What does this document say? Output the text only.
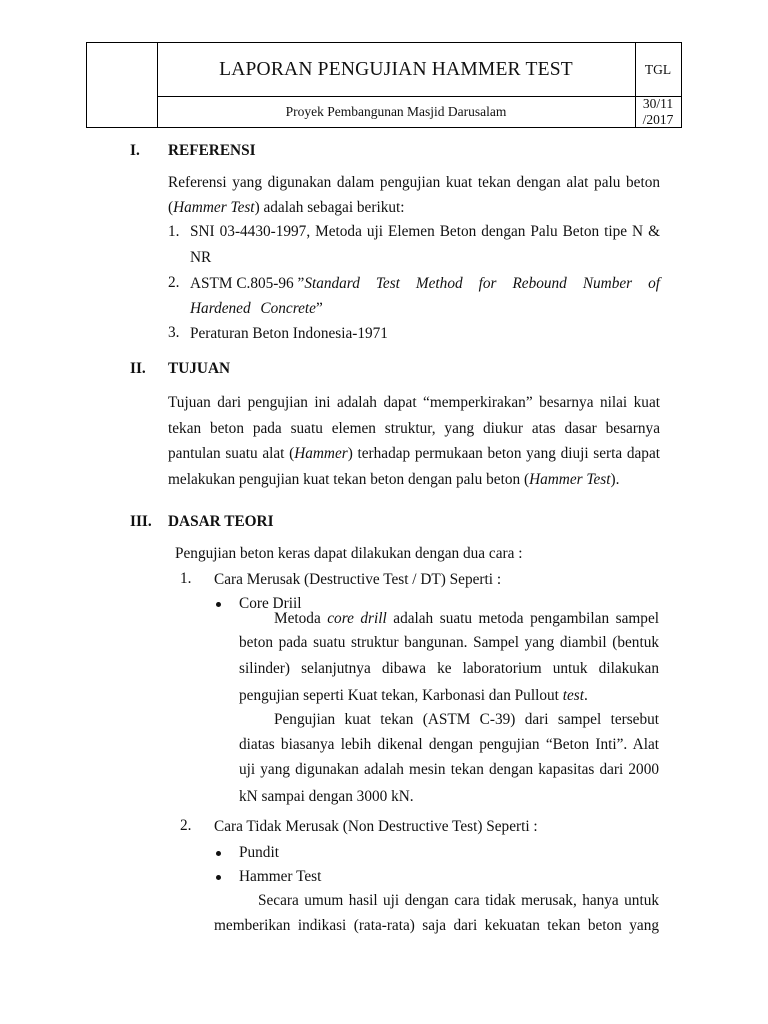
LAPORAN PENGUJIAN HAMMER TEST	TGL
Proyek Pembangunan Masjid Darusalam
30/11
/2017
I. REFERENSI
Referensi yang digunakan dalam pengujian kuat tekan dengan alat palu beton
(Hammer Test) adalah sebagai berikut:
1. SNI 03-4430-1997, Metoda uji Elemen Beton dengan Palu Beton tipe N &
NR
2. ASTM C.805-96 ” Standard Test Method for Rebound Number of
Hardened Concrete”
3. Peraturan Beton Indonesia-1971
II. TUJUAN
Tujuan dari pengujian ini adalah dapat “memperkirakan” besarnya nilai kuat
tekan beton pada suatu elemen struktur, yang diukur atas dasar besarnya
pantulan suatu alat (Hammer) terhadap permukaan beton yang diuji serta dapat
melakukan pengujian kuat tekan beton dengan palu beton (Hammer Test).
III. DASAR TEORI
Pengujian beton keras dapat dilakukan dengan dua cara :
1. Cara Merusak (Destructive Test / DT) Seperti :
Core Driil
Metoda core drill adalah suatu metoda pengambilan sampel
beton pada suatu struktur bangunan. Sampel yang diambil (bentuk
silinder) selanjutnya dibawa ke laboratorium untuk dilakukan
pengujian seperti Kuat tekan, Karbonasi dan Pullout test.
Pengujian kuat tekan (ASTM C-39) dari sampel tersebut
diatas biasanya lebih dikenal dengan pengujian “Beton Inti”. Alat
uji yang digunakan adalah mesin tekan dengan kapasitas dari 2000
kN sampai dengan 3000 kN.
2. Cara Tidak Merusak (Non Destructive Test) Seperti :
Pundit
Hammer Test
Secara umum hasil uji dengan cara tidak merusak, hanya untuk
memberikan indikasi (rata-rata) saja dari kekuatan tekan beton yang
